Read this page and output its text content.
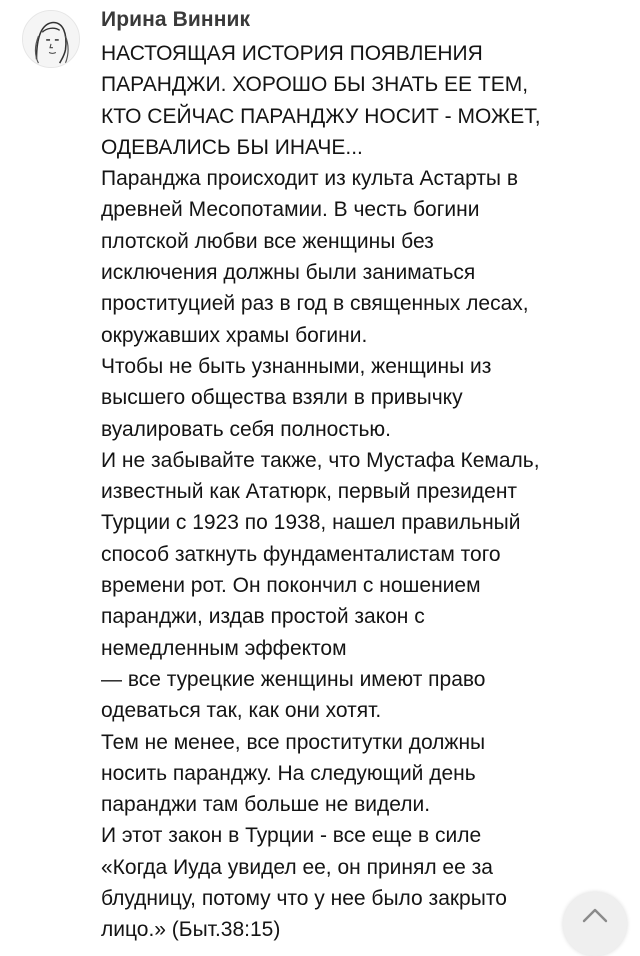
Ирина Винник
НАСТОЯЩАЯ ИСТОРИЯ ПОЯВЛЕНИЯ
ПАРАНДЖИ. ХОРОШО БЫ ЗНАТЬ ЕЕ ТЕМ,
КТО СЕЙЧАС ПАРАНДЖУ НОСИТ - МОЖЕТ,
ОДЕВАЛИСЬ БЫ ИНАЧЕ...
Паранджа происходит из культа Астарты в
древней Месопотамии. В честь богини
плотской любви все женщины без
исключения должны были заниматься
проституцией раз в год в священных лесах,
окружавших храмы богини.
Чтобы не быть узнанными, женщины из
высшего общества взяли в привычку
вуалировать себя полностью.
И не забывайте также, что Мустафа Кемаль,
известный как Ататюрк, первый президент
Турции с 1923 по 1938, нашел правильный
способ заткнуть фундаменталистам того
времени рот. Он покончил с ношением
паранджи, издав простой закон с
немедленным эффектом
— все турецкие женщины имеют право
одеваться так, как они хотят.
Тем не менее, все проститутки должны
носить паранджу. На следующий день
паранджи там больше не видели.
И этот закон в Турции - все еще в силе
«Когда Иуда увидел ее, он принял ее за
блудницу, потому что у нее было закрыто
лицо.» (Быт.38:15)
